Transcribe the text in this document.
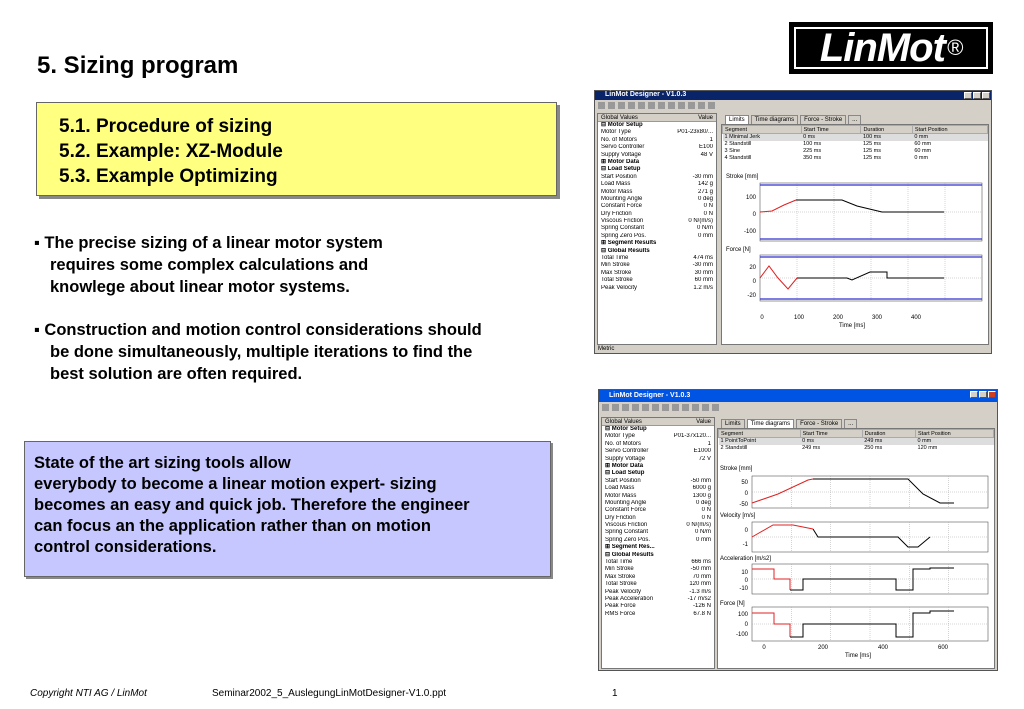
5. Sizing program	LinMot ®
5.1. Procedure of sizing
5.2. Example: XZ-Module
5.3. Example Optimizing
▪ The precise sizing of a linear motor system
requires some complex calculations and
knowlege about linear motor systems.
▪ Construction and motion control considerations should
be done simultaneously, multiple iterations to find the
best solution are often required.
State of the art sizing tools allow
everybody to become a linear motion expert- sizing
becomes an easy and quick job. Therefore the engineer
can focus an the application rather than on motion
control considerations.
Copyright NTI AG / LinMot	Seminar2002_5_AuslegungLinMotDesigner-V1.0.ppt	1
LinMot Designer - V1.0.3
Global Values	Value
⊟ Motor Setup
Motor Type	P01-23x80/...
No. of Motors	1
Servo Controller	E100
Supply Voltage	48 V
⊞ Motor Data
⊟ Load Setup
Start Position	-30 mm
Load Mass	142 g
Motor Mass	271 g
Mounting Angle	0 deg
Constant Force	0 N
Dry Friction	0 N
Viscous Friction	0 N/(m/s)
Spring Constant	0 N/m
Spring Zero Pos.	0 mm
⊞ Segment Results
⊟ Global Results
Total Time	474 ms
Min Stroke	-30 mm
Max Stroke	30 mm
Total Stroke	60 mm
Peak Velocity	1.2 m/s
Limits	Time diagrams	Force - Stroke	...
Segment	Start Time	Duration	Start Position
1 Minimal Jerk	0 ms	100 ms	0 mm
2 Standstill	100 ms	125 ms	60 mm
3 Sine	225 ms	125 ms	60 mm
4 Standstill	350 ms	125 ms	0 mm
Stroke [mm]
100
0
-100
Force [N]
20
0
-20
0	100	200	300	400
Time [ms]
Metric
LinMot Designer - V1.0.3
Global Values	Value
⊟ Motor Setup
Motor Type	P01-37x120...
No. of Motors	1
Servo Controller	E1000
Supply Voltage	72 V
⊞ Motor Data
⊟ Load Setup
Start Position	-50 mm
Load Mass	6000 g
Motor Mass	1300 g
Mounting Angle	0 deg
Constant Force	0 N
Dry Friction	0 N
Viscous Friction	0 N/(m/s)
Spring Constant	0 N/m
Spring Zero Pos.	0 mm
⊞ Segment Res...
⊟ Global Results
Total Time	666 ms
Min Stroke	-50 mm
Max Stroke	70 mm
Total Stroke	120 mm
Peak Velocity	-1.3 m/s
Peak Acceleration	-17 m/s2
Peak Force	-126 N
RMS Force	67.8 N
Limits	Time diagrams	Force - Stroke	...
Segment	Start Time	Duration	Start Position
1 PointToPoint	0 ms	249 ms	0 mm
2 Standstill	249 ms	250 ms	120 mm
Stroke [mm]
50
0
-50
Velocity [m/s]
0
-1
Acceleration [m/s2]
10
0
-10
Force [N]
100
0
-100
0	200	400	600
Time [ms]
